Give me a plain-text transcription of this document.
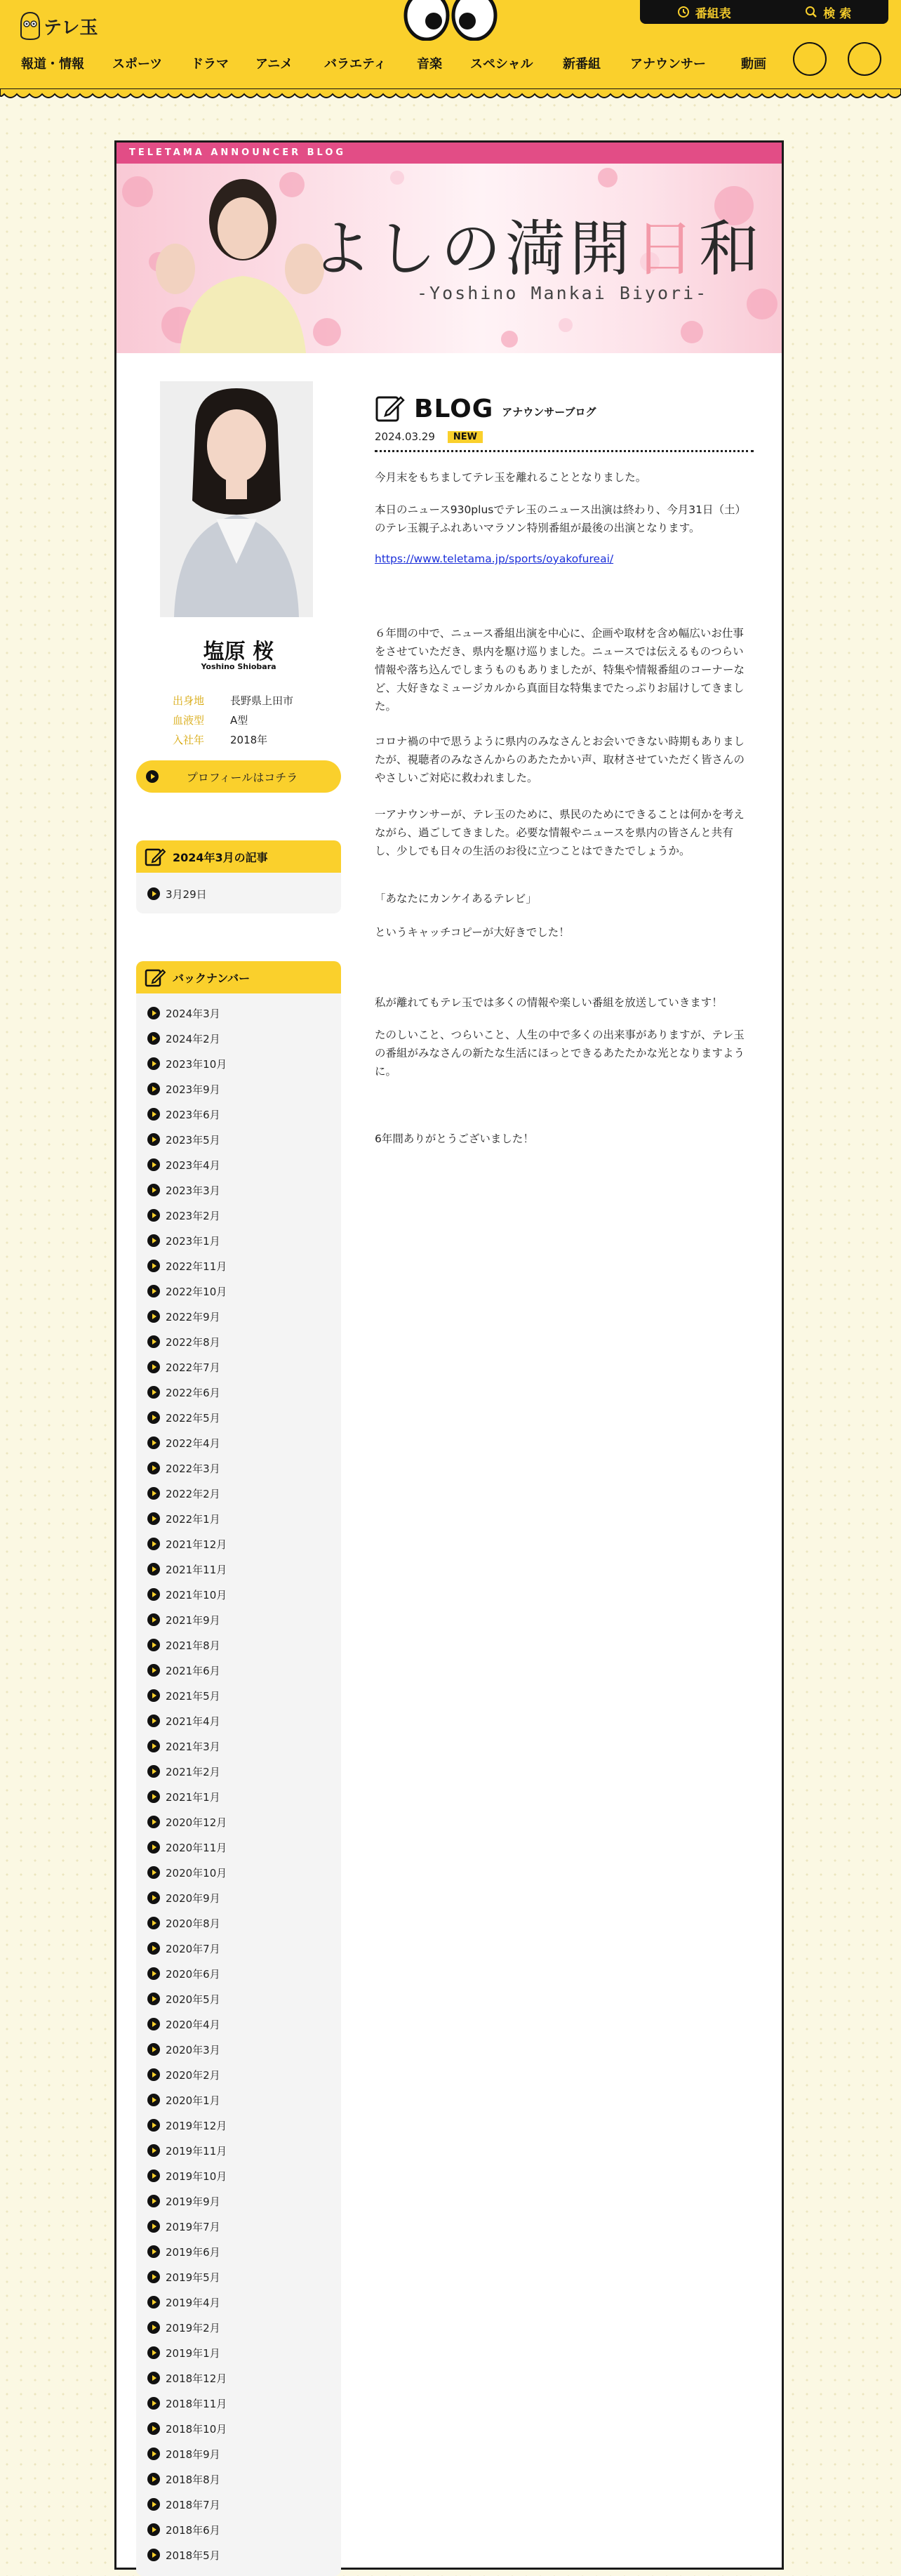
テレ玉
番組表	検 索
報道・情報 スポーツ ドラマ アニメ バラエティ 音楽 スペシャル 新番組 アナウンサー	動画
TELETAMA ANNOUNCER BLOG
よしの満開日和
-Yoshino Mankai Biyori-
塩原 桜
Yoshino Shiobara
出身地	長野県上田市
血液型	A型
入社年	2018年
プロフィールはコチラ
2024年3月の記事
3月29日
バックナンバー
2024年3月
2024年2月
2023年10月
2023年9月
2023年6月
2023年5月
2023年4月
2023年3月
2023年2月
2023年1月
2022年11月
2022年10月
2022年9月
2022年8月
2022年7月
2022年6月
2022年5月
2022年4月
2022年3月
2022年2月
2022年1月
2021年12月
2021年11月
2021年10月
2021年9月
2021年8月
2021年6月
2021年5月
2021年4月
2021年3月
2021年2月
2021年1月
2020年12月
2020年11月
2020年10月
2020年9月
2020年8月
2020年7月
2020年6月
2020年5月
2020年4月
2020年3月
2020年2月
2020年1月
2019年12月
2019年11月
2019年10月
2019年9月
2019年7月
2019年6月
2019年5月
2019年4月
2019年2月
2019年1月
2018年12月
2018年11月
2018年10月
2018年9月
2018年8月
2018年7月
2018年6月
2018年5月
BLOG アナウンサーブログ
2024.03.29	NEW
今月末をもちましてテレ玉を離れることとなりました。
本日のニュース930plusでテレ玉のニュース出演は終わり、今月31日（土）のテレ玉親子ふれあいマラソン特別番組が最後の出演となります。
https://www.teletama.jp/sports/oyakofureai/
６年間の中で、ニュース番組出演を中心に、企画や取材を含め幅広いお仕事をさせていただき、県内を駆け巡りました。ニュースでは伝えるものつらい情報や落ち込んでしまうものもありましたが、特集や情報番組のコーナーなど、大好きなミュージカルから真面目な特集までたっぷりお届けしてきました。
コロナ禍の中で思うように県内のみなさんとお会いできない時期もありましたが、視聴者のみなさんからのあたたかい声、取材させていただく皆さんのやさしいご対応に救われました。
一アナウンサーが、テレ玉のために、県民のためにできることは何かを考えながら、過ごしてきました。必要な情報やニュースを県内の皆さんと共有し、少しでも日々の生活のお役に立つことはできたでしょうか。
「あなたにカンケイあるテレビ」
というキャッチコピーが大好きでした！
私が離れてもテレ玉では多くの情報や楽しい番組を放送していきます！
たのしいこと、つらいこと、人生の中で多くの出来事がありますが、テレ玉の番組がみなさんの新たな生活にほっとできるあたたかな光となりますように。
6年間ありがとうございました！
